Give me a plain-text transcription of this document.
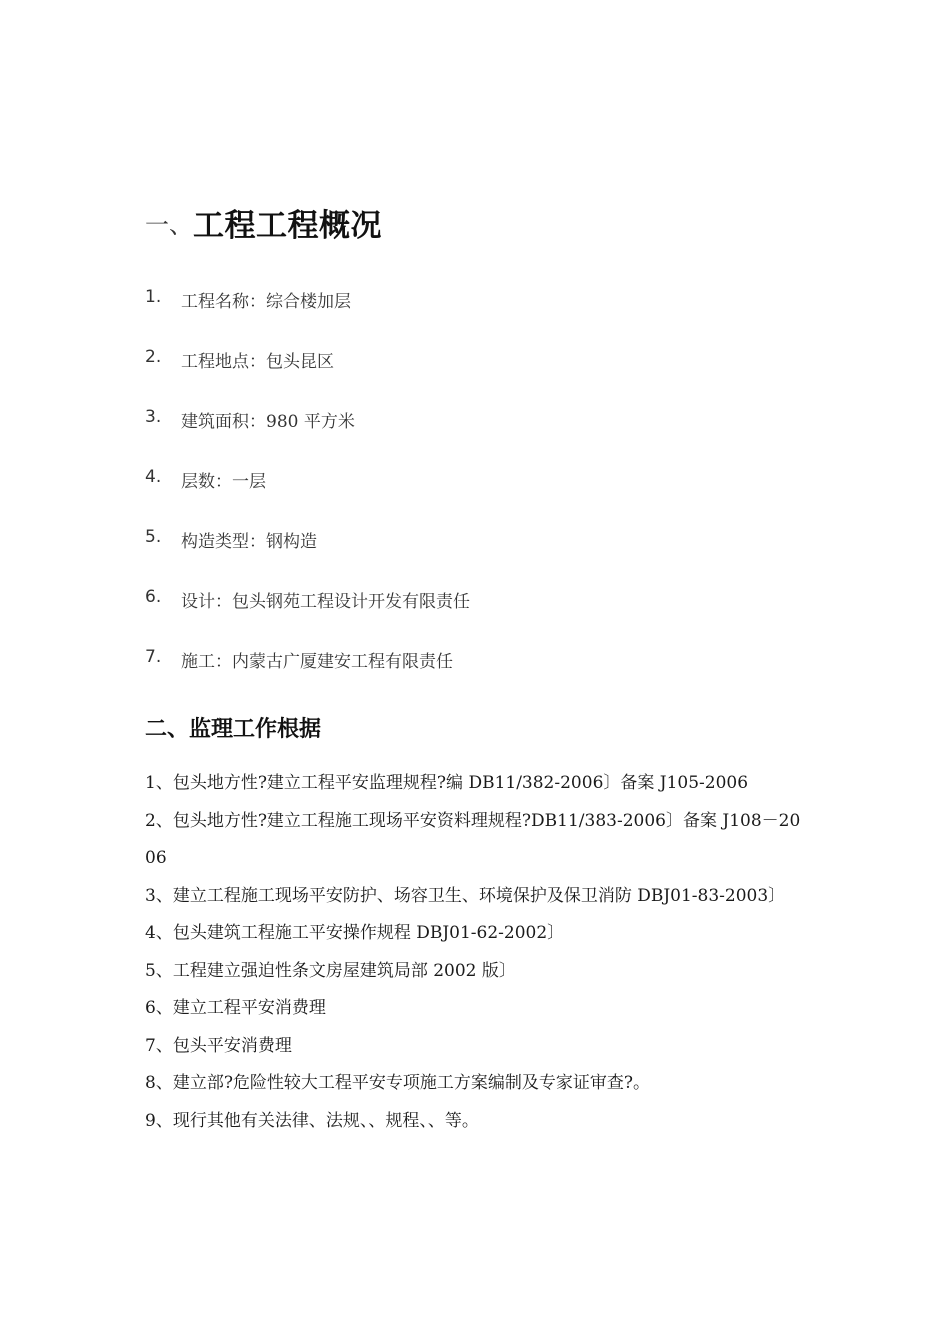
一、 工程工程概况
1.	工程名称：综合楼加层
2.	工程地点：包头昆区
3.	建筑面积：980 平方米
4.	层数：一层
5.	构造类型：钢构造
6.	设计：包头钢苑工程设计开发有限责任
7.	施工：内蒙古广厦建安工程有限责任
二、监理工作根据
1、包头地方性?建立工程平安监理规程?编 DB11/382-2006〕备案 J105-2006
2、包头地方性?建立工程施工现场平安资料理规程?DB11/383-2006〕备案 J108－2006
3、建立工程施工现场平安防护、场容卫生、环境保护及保卫消防 DBJ01-83-2003〕
4、包头建筑工程施工平安操作规程 DBJ01-62-2002〕
5、工程建立强迫性条文房屋建筑局部 2002 版〕
6、建立工程平安消费理
7、包头平安消费理
8、建立部?危险性较大工程平安专项施工方案编制及专家证审查?。
9、现行其他有关法律、法规、、规程、、等。
